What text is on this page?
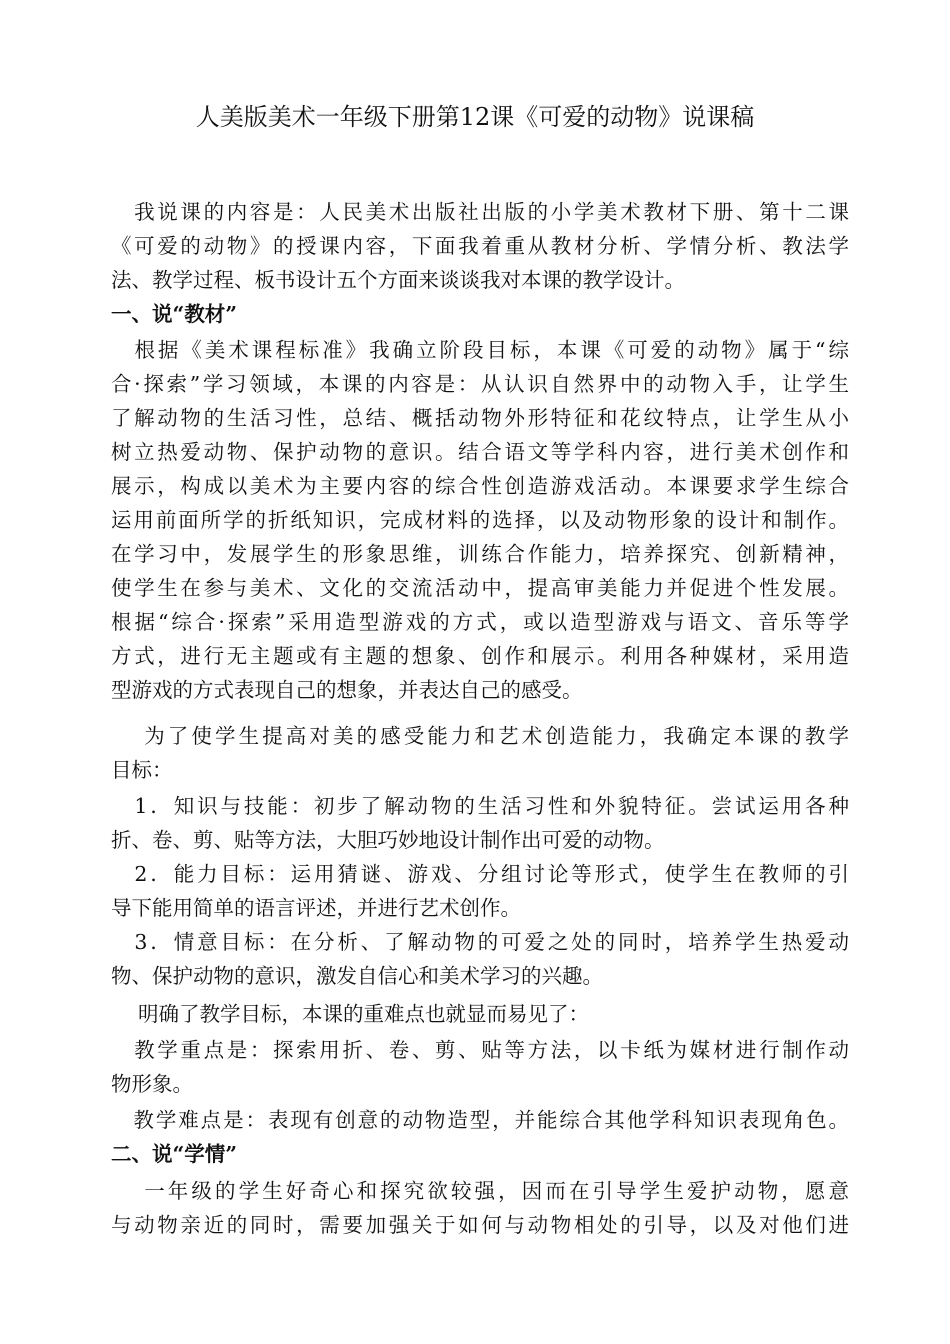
人美版美术一年级下册第12课《可爱的动物》说课稿
　我说课的内容是：人民美术出版社出版的小学美术教材下册、第十二课
《可爱的动物》的授课内容，下面我着重从教材分析、学情分析、教法学
法、教学过程、板书设计五个方面来谈谈我对本课的教学设计。
一、说“教材”
　根据《美术课程标准》我确立阶段目标，本课《可爱的动物》属于“综
合·探索”学习领域，本课的内容是：从认识自然界中的动物入手，让学生
了解动物的生活习性，总结、概括动物外形特征和花纹特点，让学生从小
树立热爱动物、保护动物的意识。结合语文等学科内容，进行美术创作和
展示，构成以美术为主要内容的综合性创造游戏活动。本课要求学生综合
运用前面所学的折纸知识，完成材料的选择，以及动物形象的设计和制作。
在学习中，发展学生的形象思维，训练合作能力，培养探究、创新精神，
使学生在参与美术、文化的交流活动中，提高审美能力并促进个性发展。
根据“综合·探索”采用造型游戏的方式，或以造型游戏与语文、音乐等学
方式，进行无主题或有主题的想象、创作和展示。利用各种媒材，采用造
型游戏的方式表现自己的想象，并表达自己的感受。
　 为了使学生提高对美的感受能力和艺术创造能力，我确定本课的教学
目标：
　1．知识与技能：初步了解动物的生活习性和外貌特征。尝试运用各种
折、卷、剪、贴等方法，大胆巧妙地设计制作出可爱的动物。
　2．能力目标：运用猜谜、游戏、分组讨论等形式，使学生在教师的引
导下能用简单的语言评述，并进行艺术创作。
　3．情意目标：在分析、了解动物的可爱之处的同时，培养学生热爱动
物、保护动物的意识，激发自信心和美术学习的兴趣。
　 明确了教学目标，本课的重难点也就显而易见了：
　教学重点是：探索用折、卷、剪、贴等方法，以卡纸为媒材进行制作动
物形象。
　教学难点是：表现有创意的动物造型，并能综合其他学科知识表现角色。
二、说“学情”
　 一年级的学生好奇心和探究欲较强，因而在引导学生爱护动物，愿意
与动物亲近的同时，需要加强关于如何与动物相处的引导，以及对他们进
